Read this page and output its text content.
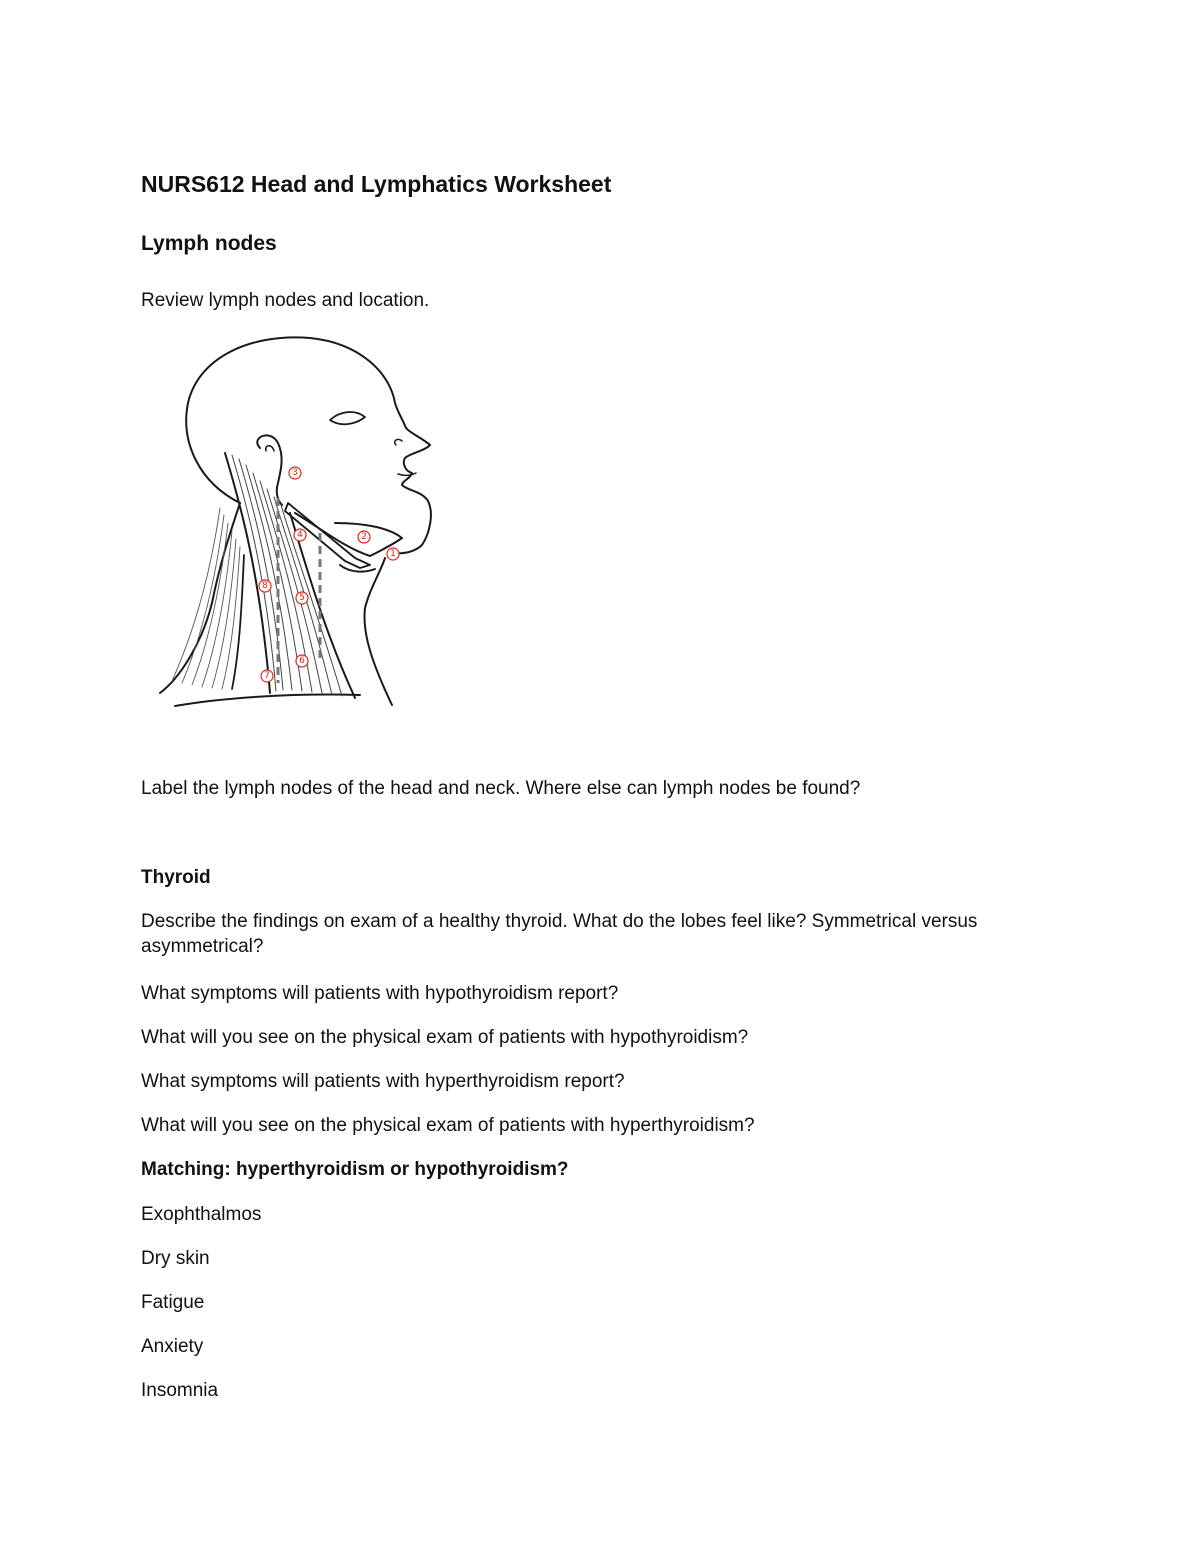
NURS612 Head and Lymphatics Worksheet
Lymph nodes
Review lymph nodes and location.
1
2
3
4
5
6
7
8
Label the lymph nodes of the head and neck. Where else can lymph nodes be found?
Thyroid
Describe the findings on exam of a healthy thyroid. What do the lobes feel like? Symmetrical versus asymmetrical?
What symptoms will patients with hypothyroidism report?
What will you see on the physical exam of patients with hypothyroidism?
What symptoms will patients with hyperthyroidism report?
What will you see on the physical exam of patients with hyperthyroidism?
Matching: hyperthyroidism or hypothyroidism?
Exophthalmos
Dry skin
Fatigue
Anxiety
Insomnia
